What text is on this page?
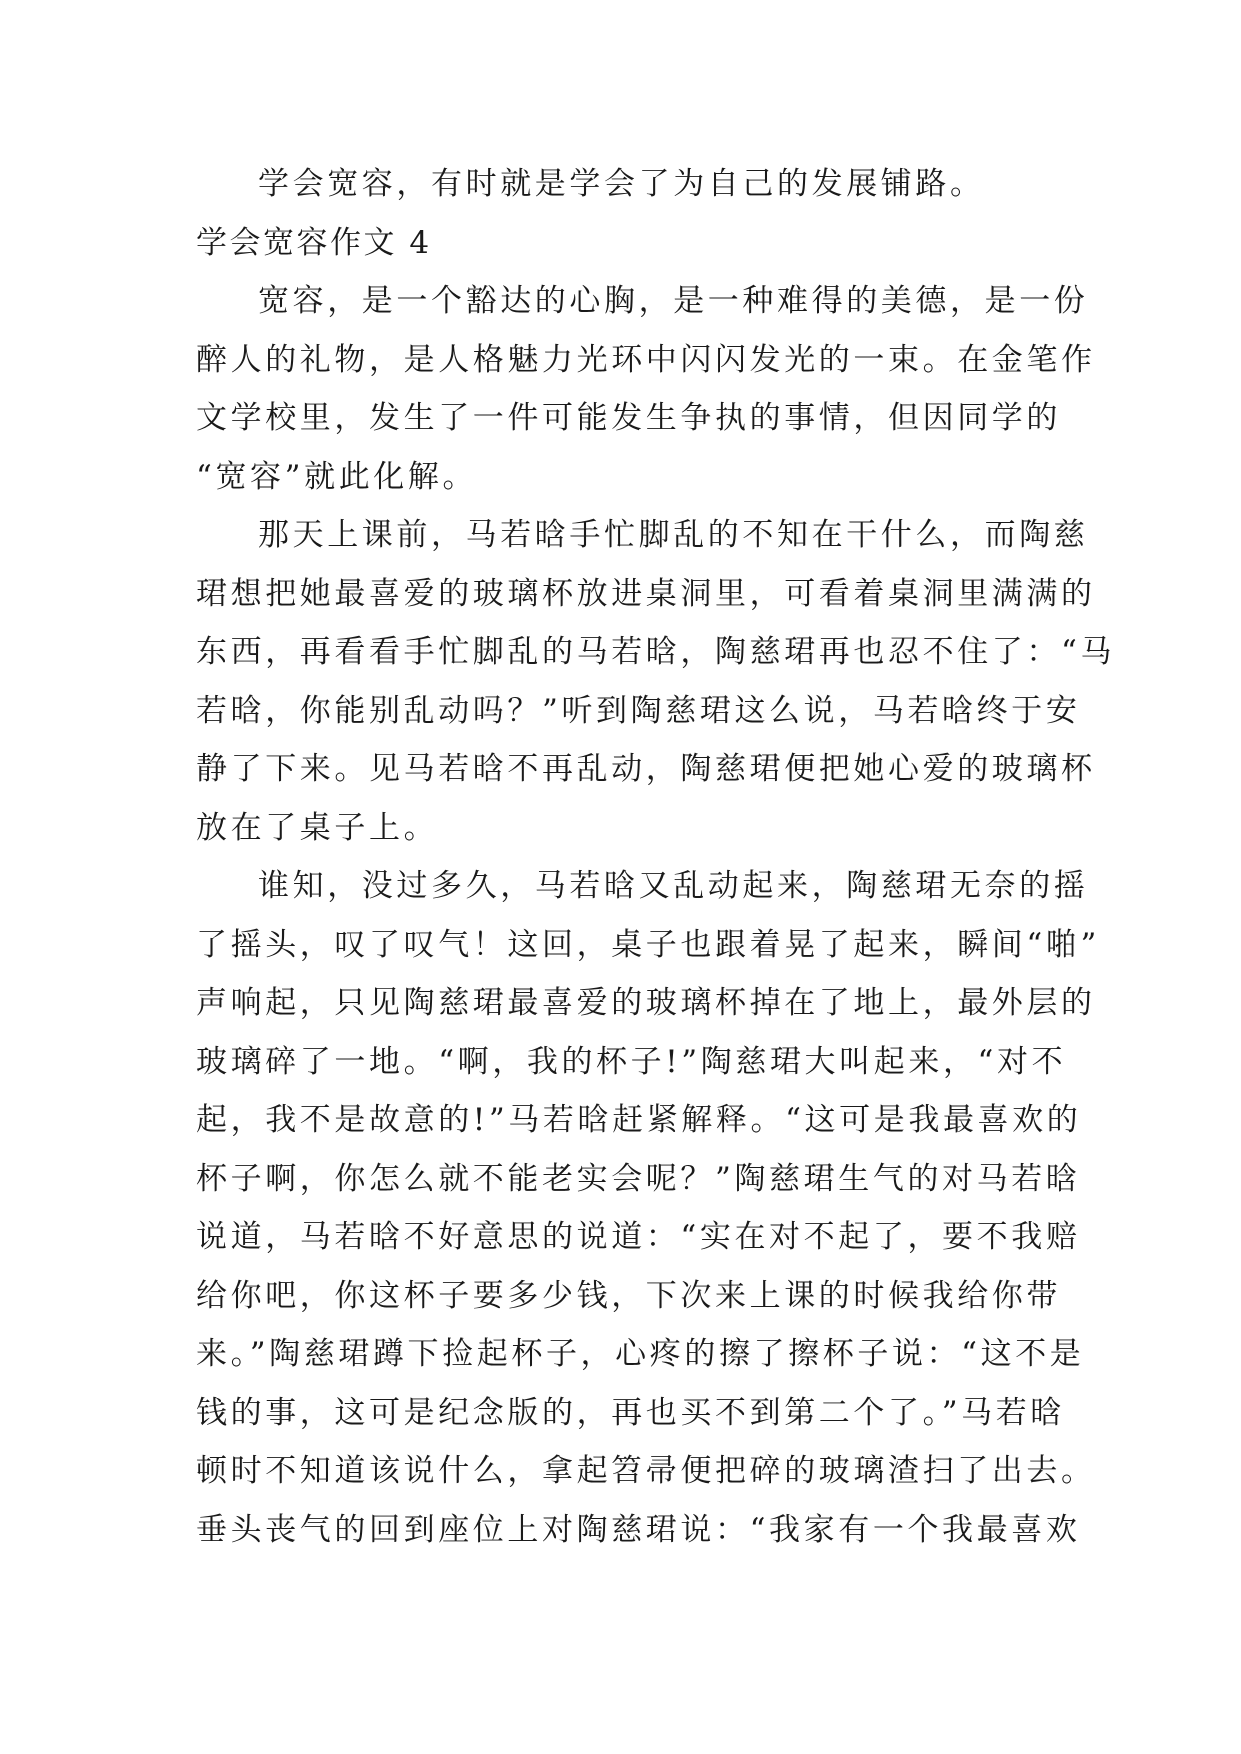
学会宽容，有时就是学会了为自己的发展铺路。
学会宽容作文 4
宽容，是一个豁达的心胸，是一种难得的美德，是一份
醉人的礼物，是人格魅力光环中闪闪发光的一束。在金笔作
文学校里，发生了一件可能发生争执的事情，但因同学的
“宽容”就此化解。
那天上课前，马若晗手忙脚乱的不知在干什么，而陶慈
珺想把她最喜爱的玻璃杯放进桌洞里，可看着桌洞里满满的
东西，再看看手忙脚乱的马若晗，陶慈珺再也忍不住了：“马
若晗，你能别乱动吗？”听到陶慈珺这么说，马若晗终于安
静了下来。见马若晗不再乱动，陶慈珺便把她心爱的玻璃杯
放在了桌子上。
谁知，没过多久，马若晗又乱动起来，陶慈珺无奈的摇
了摇头，叹了叹气！这回，桌子也跟着晃了起来，瞬间“啪”
声响起，只见陶慈珺最喜爱的玻璃杯掉在了地上，最外层的
玻璃碎了一地。“啊，我的杯子!”陶慈珺大叫起来，“对不
起，我不是故意的!”马若晗赶紧解释。“这可是我最喜欢的
杯子啊，你怎么就不能老实会呢？”陶慈珺生气的对马若晗
说道，马若晗不好意思的说道：“实在对不起了，要不我赔
给你吧，你这杯子要多少钱，下次来上课的时候我给你带
来。”陶慈珺蹲下捡起杯子，心疼的擦了擦杯子说：“这不是
钱的事，这可是纪念版的，再也买不到第二个了。”马若晗
顿时不知道该说什么，拿起笤帚便把碎的玻璃渣扫了出去。
垂头丧气的回到座位上对陶慈珺说：“我家有一个我最喜欢
